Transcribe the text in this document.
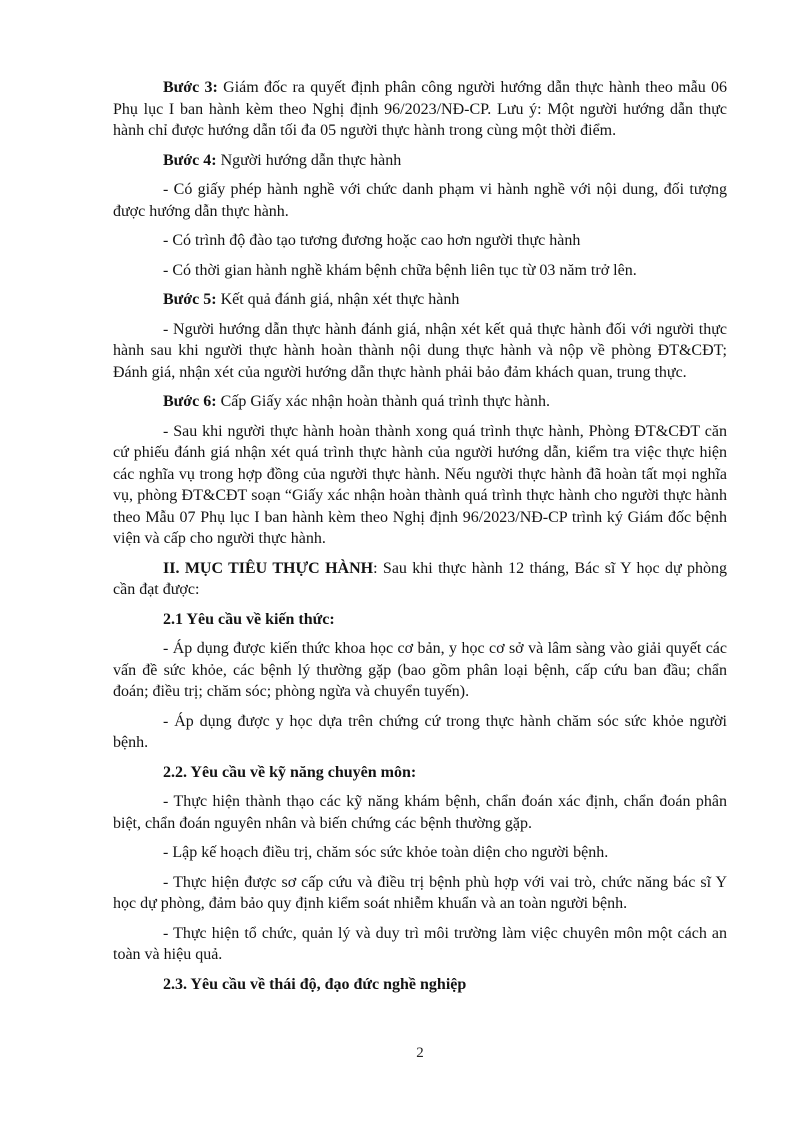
Bước 3: Giám đốc ra quyết định phân công người hướng dẫn thực hành theo mẫu 06 Phụ lục I ban hành kèm theo Nghị định 96/2023/NĐ-CP. Lưu ý: Một người hướng dẫn thực hành chỉ được hướng dẫn tối đa 05 người thực hành trong cùng một thời điểm.

Bước 4: Người hướng dẫn thực hành

- Có giấy phép hành nghề với chức danh phạm vi hành nghề với nội dung, đối tượng được hướng dẫn thực hành.

- Có trình độ đào tạo tương đương hoặc cao hơn người thực hành

- Có thời gian hành nghề khám bệnh chữa bệnh liên tục từ 03 năm trở lên.

Bước 5: Kết quả đánh giá, nhận xét thực hành

- Người hướng dẫn thực hành đánh giá, nhận xét kết quả thực hành đối với người thực hành sau khi người thực hành hoàn thành nội dung thực hành và nộp về phòng ĐT&CĐT; Đánh giá, nhận xét của người hướng dẫn thực hành phải bảo đảm khách quan, trung thực.

Bước 6: Cấp Giấy xác nhận hoàn thành quá trình thực hành.

- Sau khi người thực hành hoàn thành xong quá trình thực hành, Phòng ĐT&CĐT căn cứ phiếu đánh giá nhận xét quá trình thực hành của người hướng dẫn, kiểm tra việc thực hiện các nghĩa vụ trong hợp đồng của người thực hành. Nếu người thực hành đã hoàn tất mọi nghĩa vụ, phòng ĐT&CĐT soạn “Giấy xác nhận hoàn thành quá trình thực hành cho người thực hành theo Mẫu 07 Phụ lục I ban hành kèm theo Nghị định 96/2023/NĐ-CP trình ký Giám đốc bệnh viện và cấp cho người thực hành.

II. MỤC TIÊU THỰC HÀNH: Sau khi thực hành 12 tháng, Bác sĩ Y học dự phòng cần đạt được:

2.1 Yêu cầu về kiến thức:

- Áp dụng được kiến thức khoa học cơ bản, y học cơ sở và lâm sàng vào giải quyết các vấn đề sức khỏe, các bệnh lý thường gặp (bao gồm phân loại bệnh, cấp cứu ban đầu; chẩn đoán; điều trị; chăm sóc; phòng ngừa và chuyển tuyến).

- Áp dụng được y học dựa trên chứng cứ trong thực hành chăm sóc sức khỏe người bệnh.

2.2. Yêu cầu về kỹ năng chuyên môn:

- Thực hiện thành thạo các kỹ năng khám bệnh, chẩn đoán xác định, chẩn đoán phân biệt, chẩn đoán nguyên nhân và biến chứng các bệnh thường gặp.

- Lập kế hoạch điều trị, chăm sóc sức khỏe toàn diện cho người bệnh.

- Thực hiện được sơ cấp cứu và điều trị bệnh phù hợp với vai trò, chức năng bác sĩ Y học dự phòng, đảm bảo quy định kiểm soát nhiễm khuẩn và an toàn người bệnh.

- Thực hiện tổ chức, quản lý và duy trì môi trường làm việc chuyên môn một cách an toàn và hiệu quả.

2.3. Yêu cầu về thái độ, đạo đức nghề nghiệp

2
